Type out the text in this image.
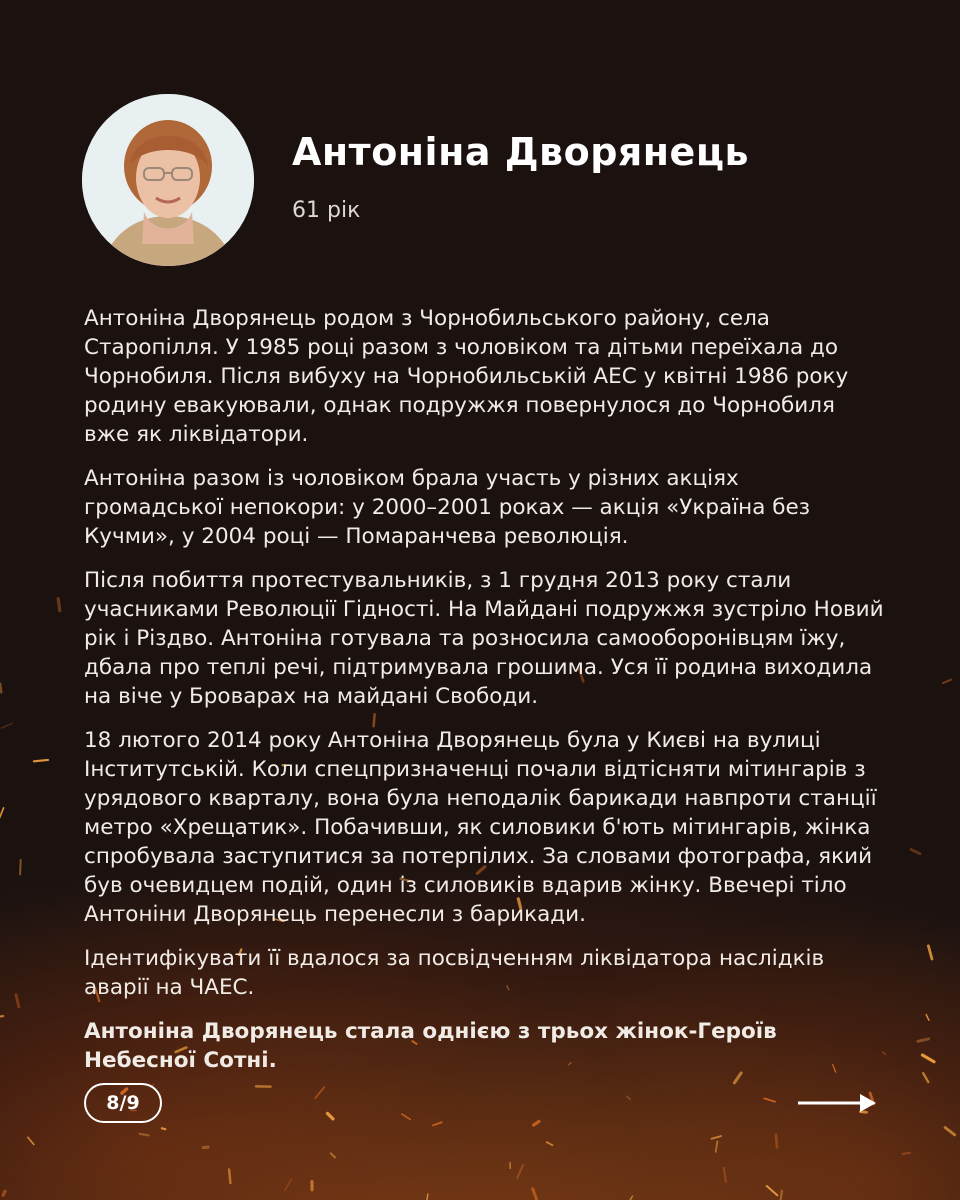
Антоніна Дворянець

61 рік

Антоніна Дворянець родом з Чорнобильського району, села Старопілля. У 1985 році разом з чоловіком та дітьми переїхала до Чорнобиля. Після вибуху на Чорнобильській АЕС у квітні 1986 року родину евакуювали, однак подружжя повернулося до Чорнобиля вже як ліквідатори.

Антоніна разом із чоловіком брала участь у різних акціях громадської непокори: у 2000–2001 роках — акція «Україна без Кучми», у 2004 році — Помаранчева революція.

Після побиття протестувальників, з 1 грудня 2013 року стали учасниками Революції Гідності. На Майдані подружжя зустріло Новий рік і Різдво. Антоніна готувала та розносила самооборонівцям їжу, дбала про теплі речі, підтримувала грошима. Уся її родина виходила на віче у Броварах на майдані Свободи.

18 лютого 2014 року Антоніна Дворянець була у Києві на вулиці Інститутській. Коли спецпризначенці почали відтісняти мітингарів з урядового кварталу, вона була неподалік барикади навпроти станції метро «Хрещатик». Побачивши, як силовики б'ють мітингарів, жінка спробувала заступитися за потерпілих. За словами фотографа, який був очевидцем подій, один із силовиків вдарив жінку. Ввечері тіло Антоніни Дворянець перенесли з барикади.

Ідентифікувати її вдалося за посвідченням ліквідатора наслідків аварії на ЧАЕС.

Антоніна Дворянець стала однією з трьох жінок-Героїв Небесної Сотні.

8/9
